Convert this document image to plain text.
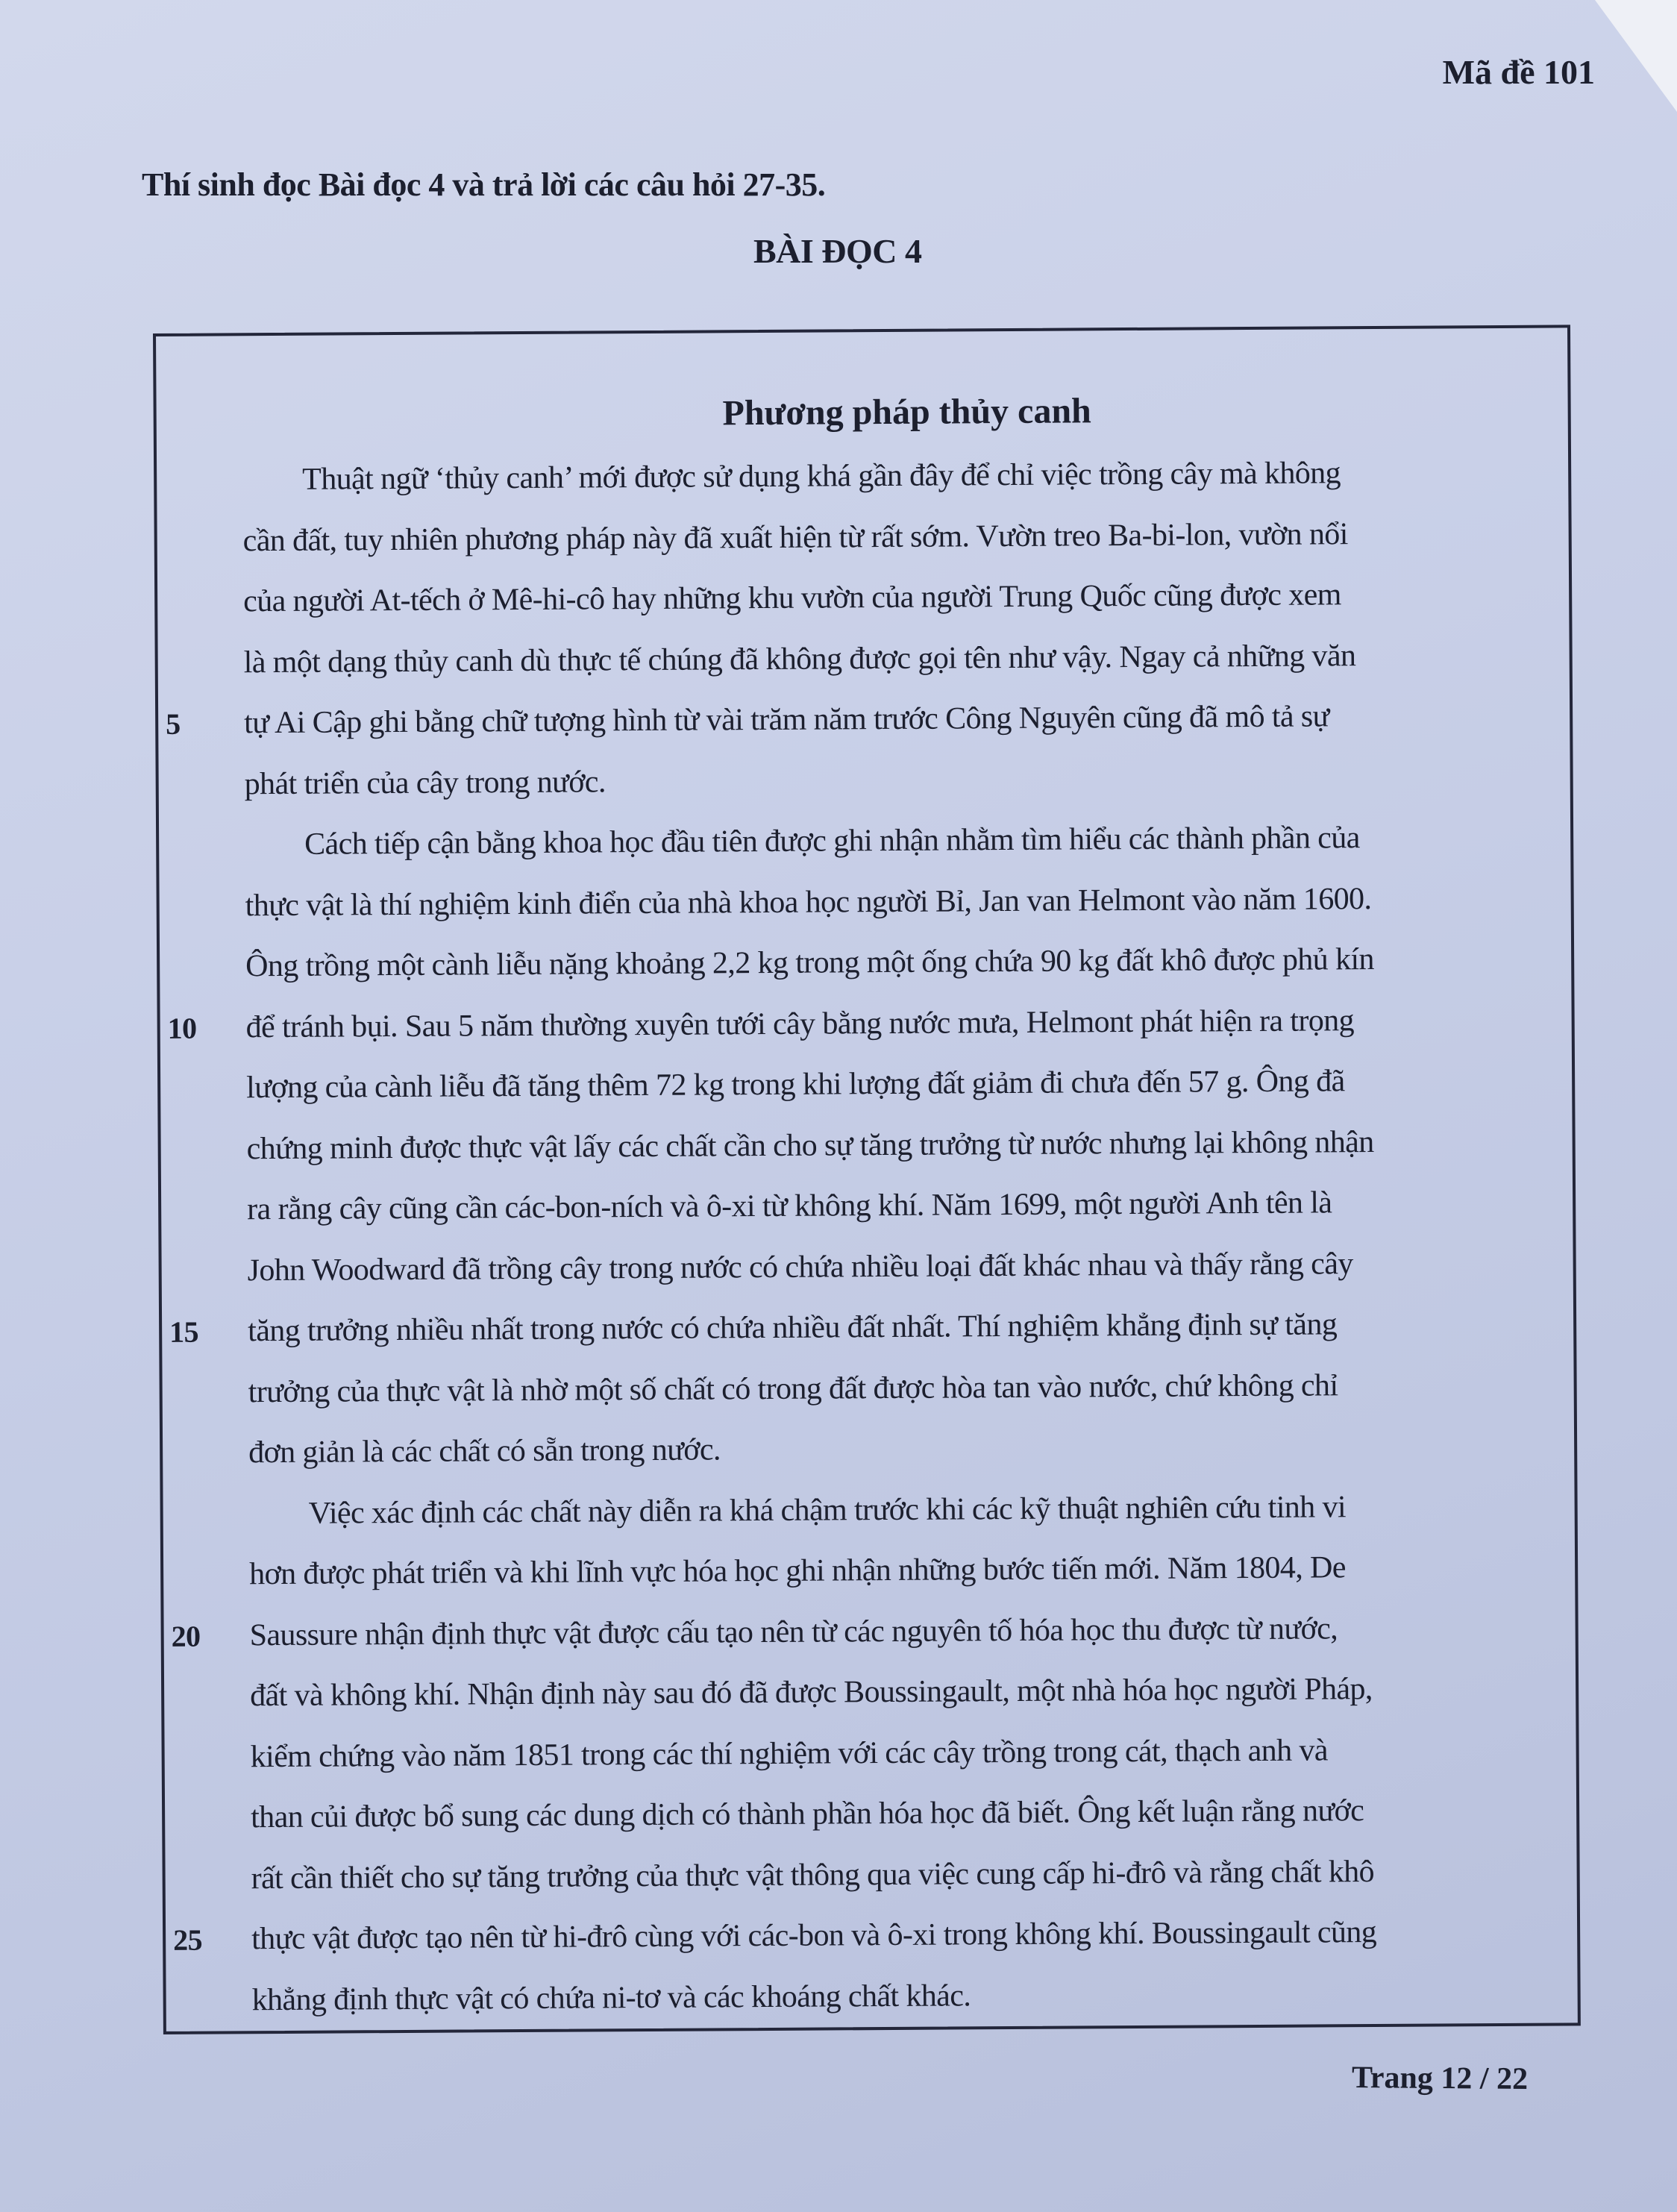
Mã đề 101
Thí sinh đọc Bài đọc 4 và trả lời các câu hỏi 27-35.
BÀI ĐỌC 4
Phương pháp thủy canh
Thuật ngữ ‘thủy canh’ mới được sử dụng khá gần đây để chỉ việc trồng cây mà không
cần đất, tuy nhiên phương pháp này đã xuất hiện từ rất sớm. Vườn treo Ba-bi-lon, vườn nổi
của người At-tếch ở Mê-hi-cô hay những khu vườn của người Trung Quốc cũng được xem
là một dạng thủy canh dù thực tế chúng đã không được gọi tên như vậy. Ngay cả những văn
5 tự Ai Cập ghi bằng chữ tượng hình từ vài trăm năm trước Công Nguyên cũng đã mô tả sự
phát triển của cây trong nước.
Cách tiếp cận bằng khoa học đầu tiên được ghi nhận nhằm tìm hiểu các thành phần của
thực vật là thí nghiệm kinh điển của nhà khoa học người Bỉ, Jan van Helmont vào năm 1600.
Ông trồng một cành liễu nặng khoảng 2,2 kg trong một ống chứa 90 kg đất khô được phủ kín
10 để tránh bụi. Sau 5 năm thường xuyên tưới cây bằng nước mưa, Helmont phát hiện ra trọng
lượng của cành liễu đã tăng thêm 72 kg trong khi lượng đất giảm đi chưa đến 57 g. Ông đã
chứng minh được thực vật lấy các chất cần cho sự tăng trưởng từ nước nhưng lại không nhận
ra rằng cây cũng cần các-bon-ních và ô-xi từ không khí. Năm 1699, một người Anh tên là
John Woodward đã trồng cây trong nước có chứa nhiều loại đất khác nhau và thấy rằng cây
15 tăng trưởng nhiều nhất trong nước có chứa nhiều đất nhất. Thí nghiệm khẳng định sự tăng
trưởng của thực vật là nhờ một số chất có trong đất được hòa tan vào nước, chứ không chỉ
đơn giản là các chất có sẵn trong nước.
Việc xác định các chất này diễn ra khá chậm trước khi các kỹ thuật nghiên cứu tinh vi
hơn được phát triển và khi lĩnh vực hóa học ghi nhận những bước tiến mới. Năm 1804, De
20 Saussure nhận định thực vật được cấu tạo nên từ các nguyên tố hóa học thu được từ nước,
đất và không khí. Nhận định này sau đó đã được Boussingault, một nhà hóa học người Pháp,
kiểm chứng vào năm 1851 trong các thí nghiệm với các cây trồng trong cát, thạch anh và
than củi được bổ sung các dung dịch có thành phần hóa học đã biết. Ông kết luận rằng nước
rất cần thiết cho sự tăng trưởng của thực vật thông qua việc cung cấp hi-đrô và rằng chất khô
25 thực vật được tạo nên từ hi-đrô cùng với các-bon và ô-xi trong không khí. Boussingault cũng
khẳng định thực vật có chứa ni-tơ và các khoáng chất khác.
Trang 12 / 22
